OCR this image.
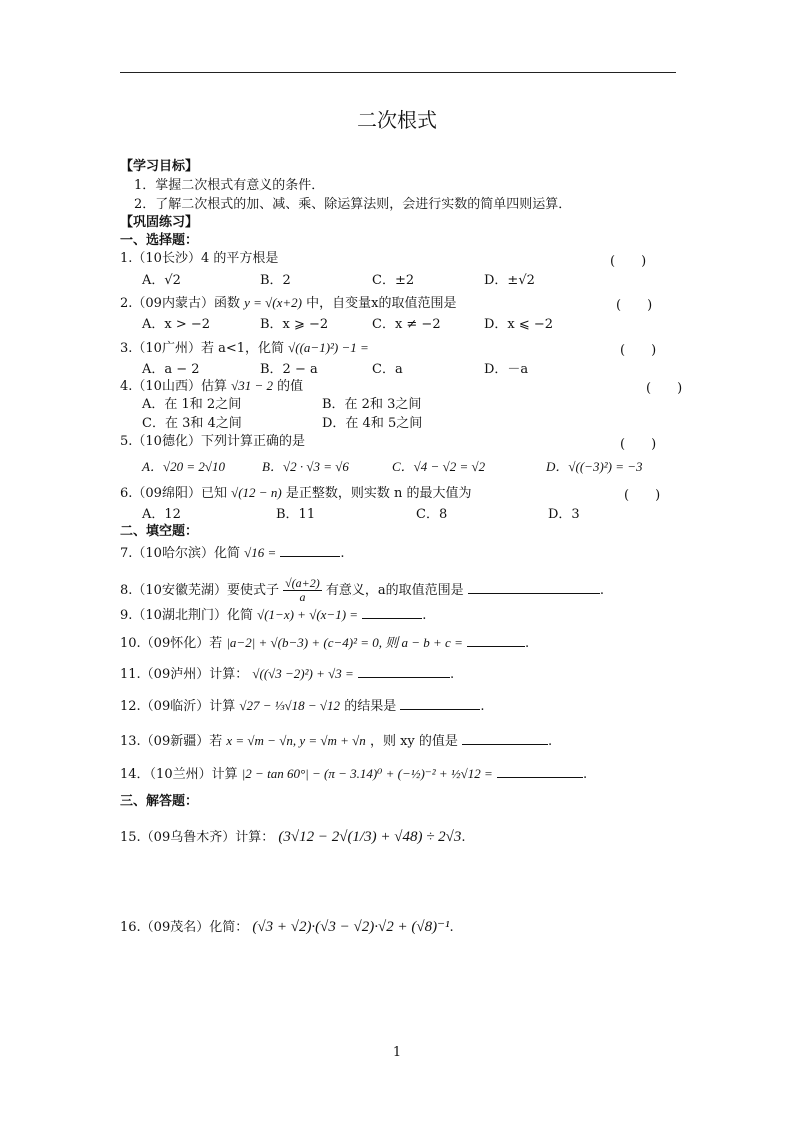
二次根式
【学习目标】
1．掌握二次根式有意义的条件．
2．了解二次根式的加、减、乘、除运算法则，会进行实数的简单四则运算．
【巩固练习】
一、选择题：
1.（10长沙）4 的平方根是	(　　)
A．√2	B．2	C．±2	D．±√2
2.（09内蒙古）函数 y = √(x+2) 中，自变量x的取值范围是	(　　)
A．x > −2	B．x ⩾ −2	C．x ≠ −2	D．x ⩽ −2
3.（10广州）若 a<1，化简 √((a−1)²) −1 =	(　　)
A．a − 2	B．2 − a	C．a	D．－a
4.（10山西）估算 √31 − 2 的值	(　　)
A．在 1和 2之间	B．在 2和 3之间
C．在 3和 4之间	D．在 4和 5之间
5.（10德化）下列计算正确的是	(　　)
A．√20 = 2√10	B．√2 · √3 = √6	C．√4 − √2 = √2	D．√((−3)²) = −3
6.（09绵阳）已知 √(12 − n) 是正整数，则实数 n 的最大值为	(　　)
A．12	B．11	C．8	D．3
二、填空题：
7.（10哈尔滨）化简 √16 =	.
8.（10安徽芜湖）要使式子 $\frac{√(a+2)}{a}$ 有意义，a的取值范围是	.
9.（10湖北荆门）化简 √(1−x) + √(x−1) =	.
10.（09怀化）若 |a−2| + √(b−3) + (c−4)² = 0, 则 a − b + c =	.
11.（09泸州）计算： √((√3 −2)²) + √3 =	.
12.（09临沂）计算 √27 − ⅓√18 − √12 的结果是	.
13.（09新疆）若 x = √m − √n, y = √m + √n ，则 xy 的值是	.
14．（10兰州）计算 |2 − tan 60°| − (π − 3.14)⁰ + (−½)⁻² + ½√12 =	.
三、解答题：
15.（09乌鲁木齐）计算： (3√12 − 2√(1/3) + √48) ÷ 2√3.
16.（09茂名）化简： (√3 + √2)·(√3 − √2)·√2 + (√8)⁻¹.
1
